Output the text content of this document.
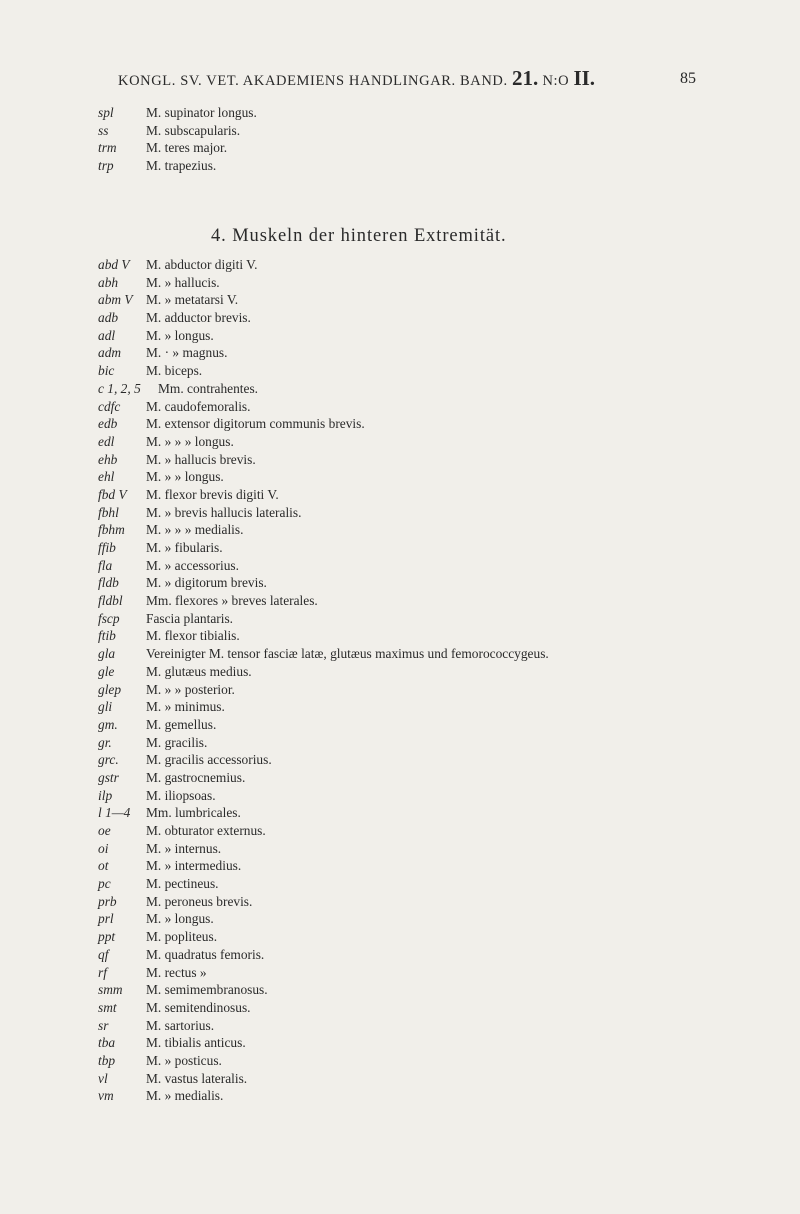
KONGL. SV. VET. AKADEMIENS HANDLINGAR. BAND. 21. N:O II.	85
spl M. supinator longus.
ss	M. subscapularis.
trm M. teres major.
trp M. trapezius.
4. Muskeln der hinteren Extremität.
abd V M. abductor digiti V.
abh M. » hallucis.
abm V M. » metatarsi V.
adb M. adductor brevis.
adl M. » longus.
adm M. · » magnus.
bic M. biceps.
c 1, 2, 5 Mm. contrahentes.
cdfc M. caudofemoralis.
edb M. extensor digitorum communis brevis.
edl M. » » » longus.
ehb M. » hallucis brevis.
ehl M. » » longus.
fbd V M. flexor brevis digiti V.
fbhl M. » brevis hallucis lateralis.
fbhm M. » » » medialis.
ffib M. » fibularis.
fla	M. » accessorius.
fldb M. » digitorum brevis.
fldbl Mm. flexores » breves laterales.
fscp Fascia plantaris.
ftib M. flexor tibialis.
gla Vereinigter M. tensor fasciæ latæ, glutæus maximus und femorococcygeus.
gle M. glutæus medius.
glep M. » » posterior.
gli	M. » minimus.
gm. M. gemellus.
gr.	M. gracilis.
grc. M. gracilis accessorius.
gstr M. gastrocnemius.
ilp	M. iliopsoas.
l 1—4 Mm. lumbricales.
oe	M. obturator externus.
oi	M. » internus.
ot	M. » intermedius.
pc	M. pectineus.
prb M. peroneus brevis.
prl M. » longus.
ppt M. popliteus.
qf	M. quadratus femoris.
rf	M. rectus »
smm M. semimembranosus.
smt M. semitendinosus.
sr	M. sartorius.
tba M. tibialis anticus.
tbp M. » posticus.
vl	M. vastus lateralis.
vm M. » medialis.
